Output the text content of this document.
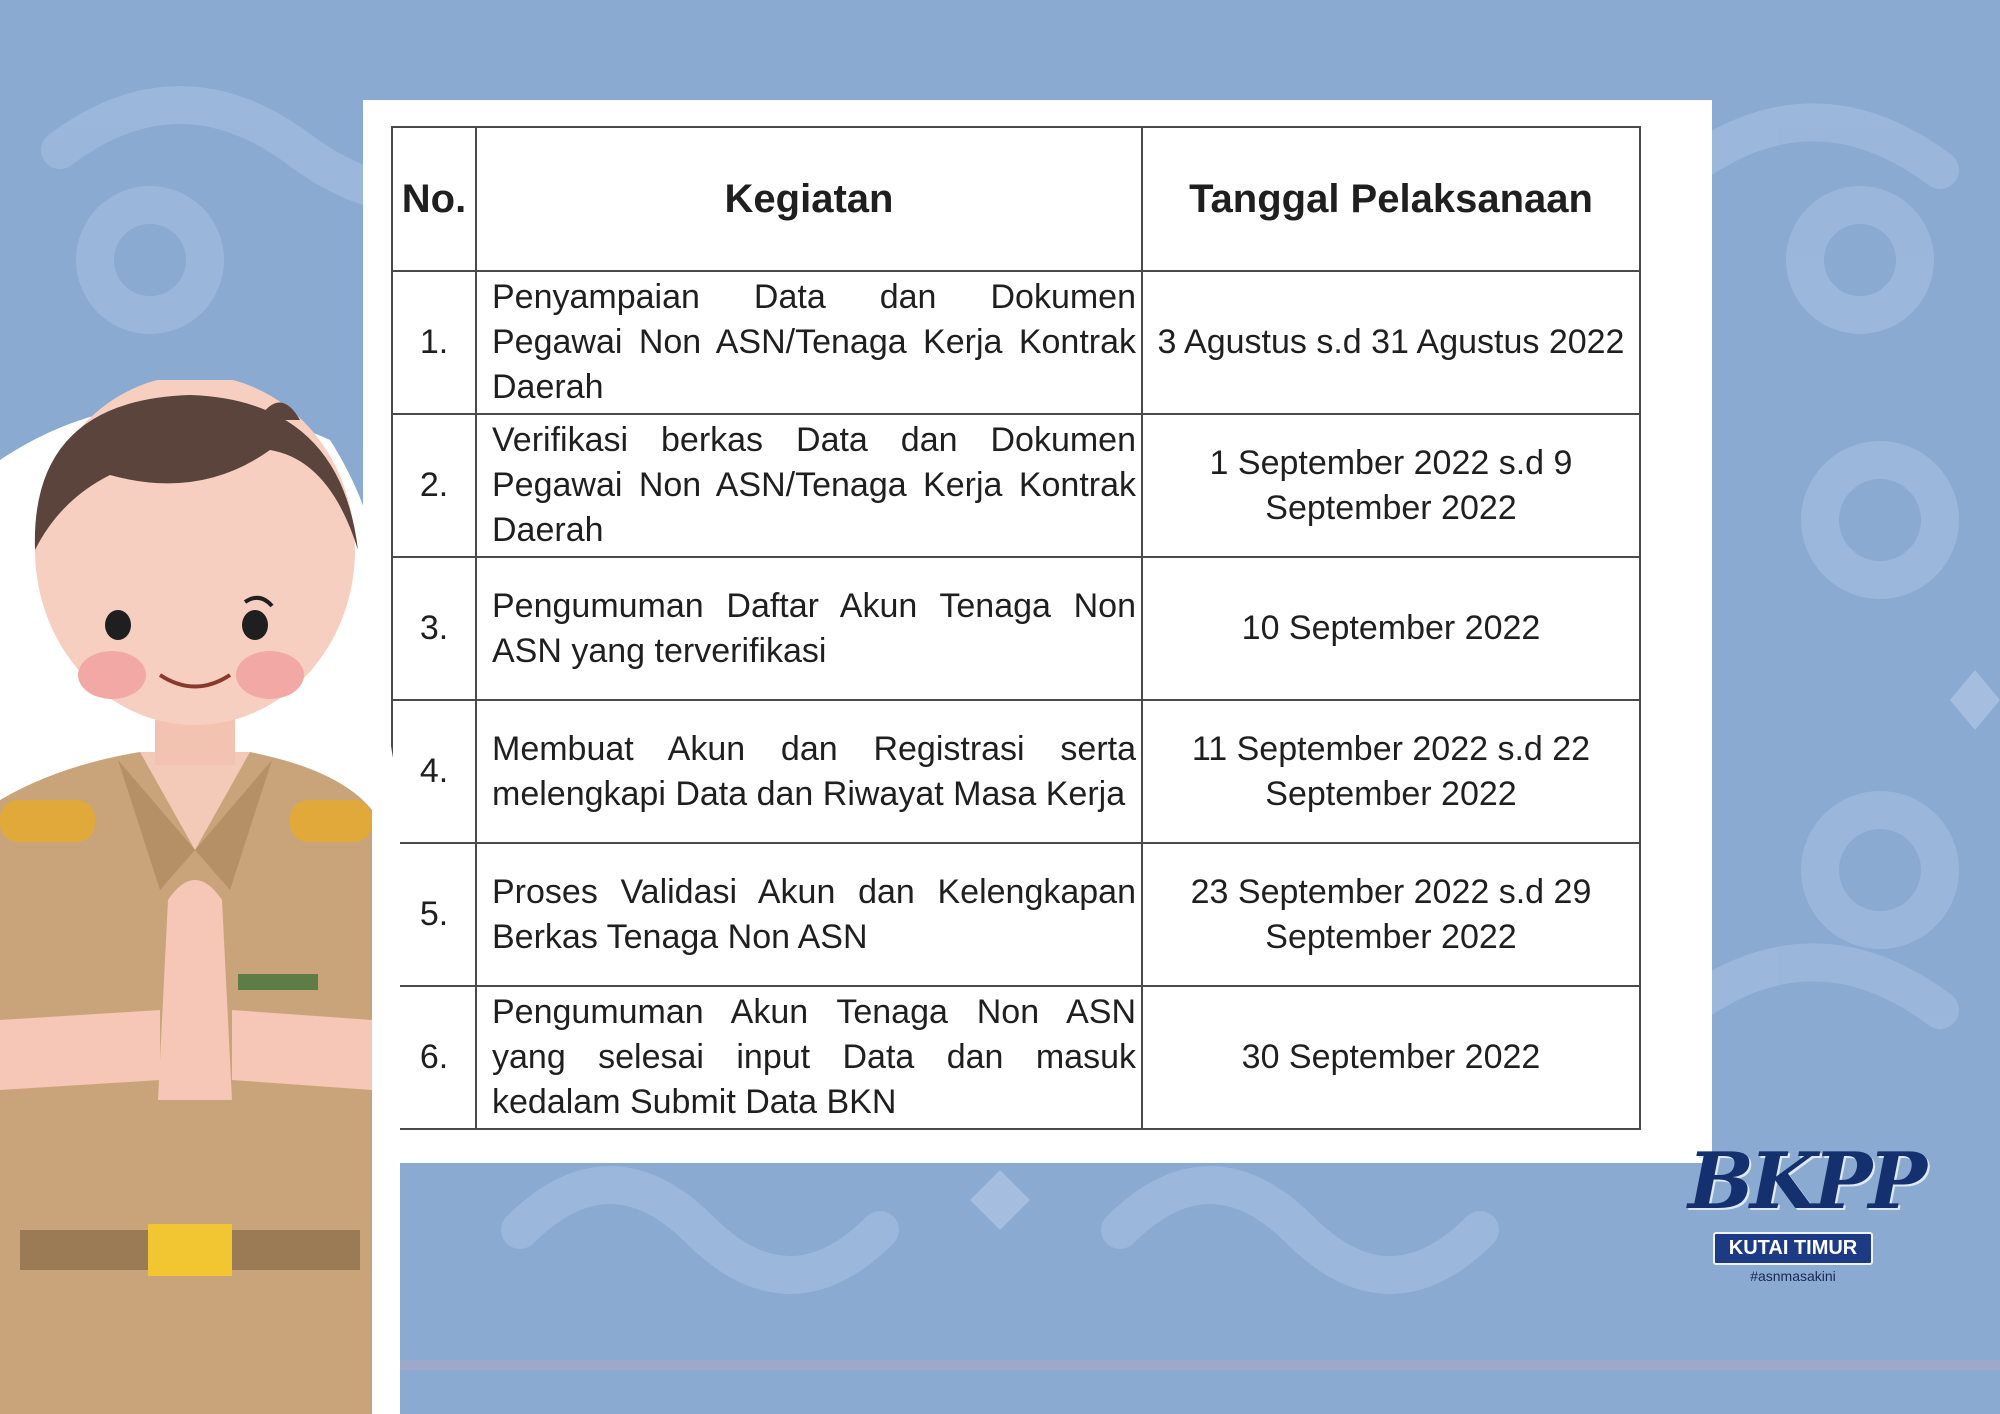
No.	Kegiatan	Tanggal Pelaksanaan
1.	Penyampaian Data dan Dokumen Pegawai Non ASN/Tenaga Kerja Kontrak Daerah	3 Agustus s.d 31 Agustus 2022
2.	Verifikasi berkas Data dan Dokumen Pegawai Non ASN/Tenaga Kerja Kontrak Daerah	1 September 2022 s.d 9 September 2022
3.	Pengumuman Daftar Akun Tenaga Non ASN yang terverifikasi	10 September 2022
4.	Membuat Akun dan Registrasi serta melengkapi Data dan Riwayat Masa Kerja	11 September 2022 s.d 22 September 2022
5.	Proses Validasi Akun dan Kelengkapan Berkas Tenaga Non ASN	23 September 2022 s.d 29 September 2022
6.	Pengumuman Akun Tenaga Non ASN yang selesai input Data dan masuk kedalam Submit Data BKN	30 September 2022
BKPP
KUTAI TIMUR
#asnmasakini
